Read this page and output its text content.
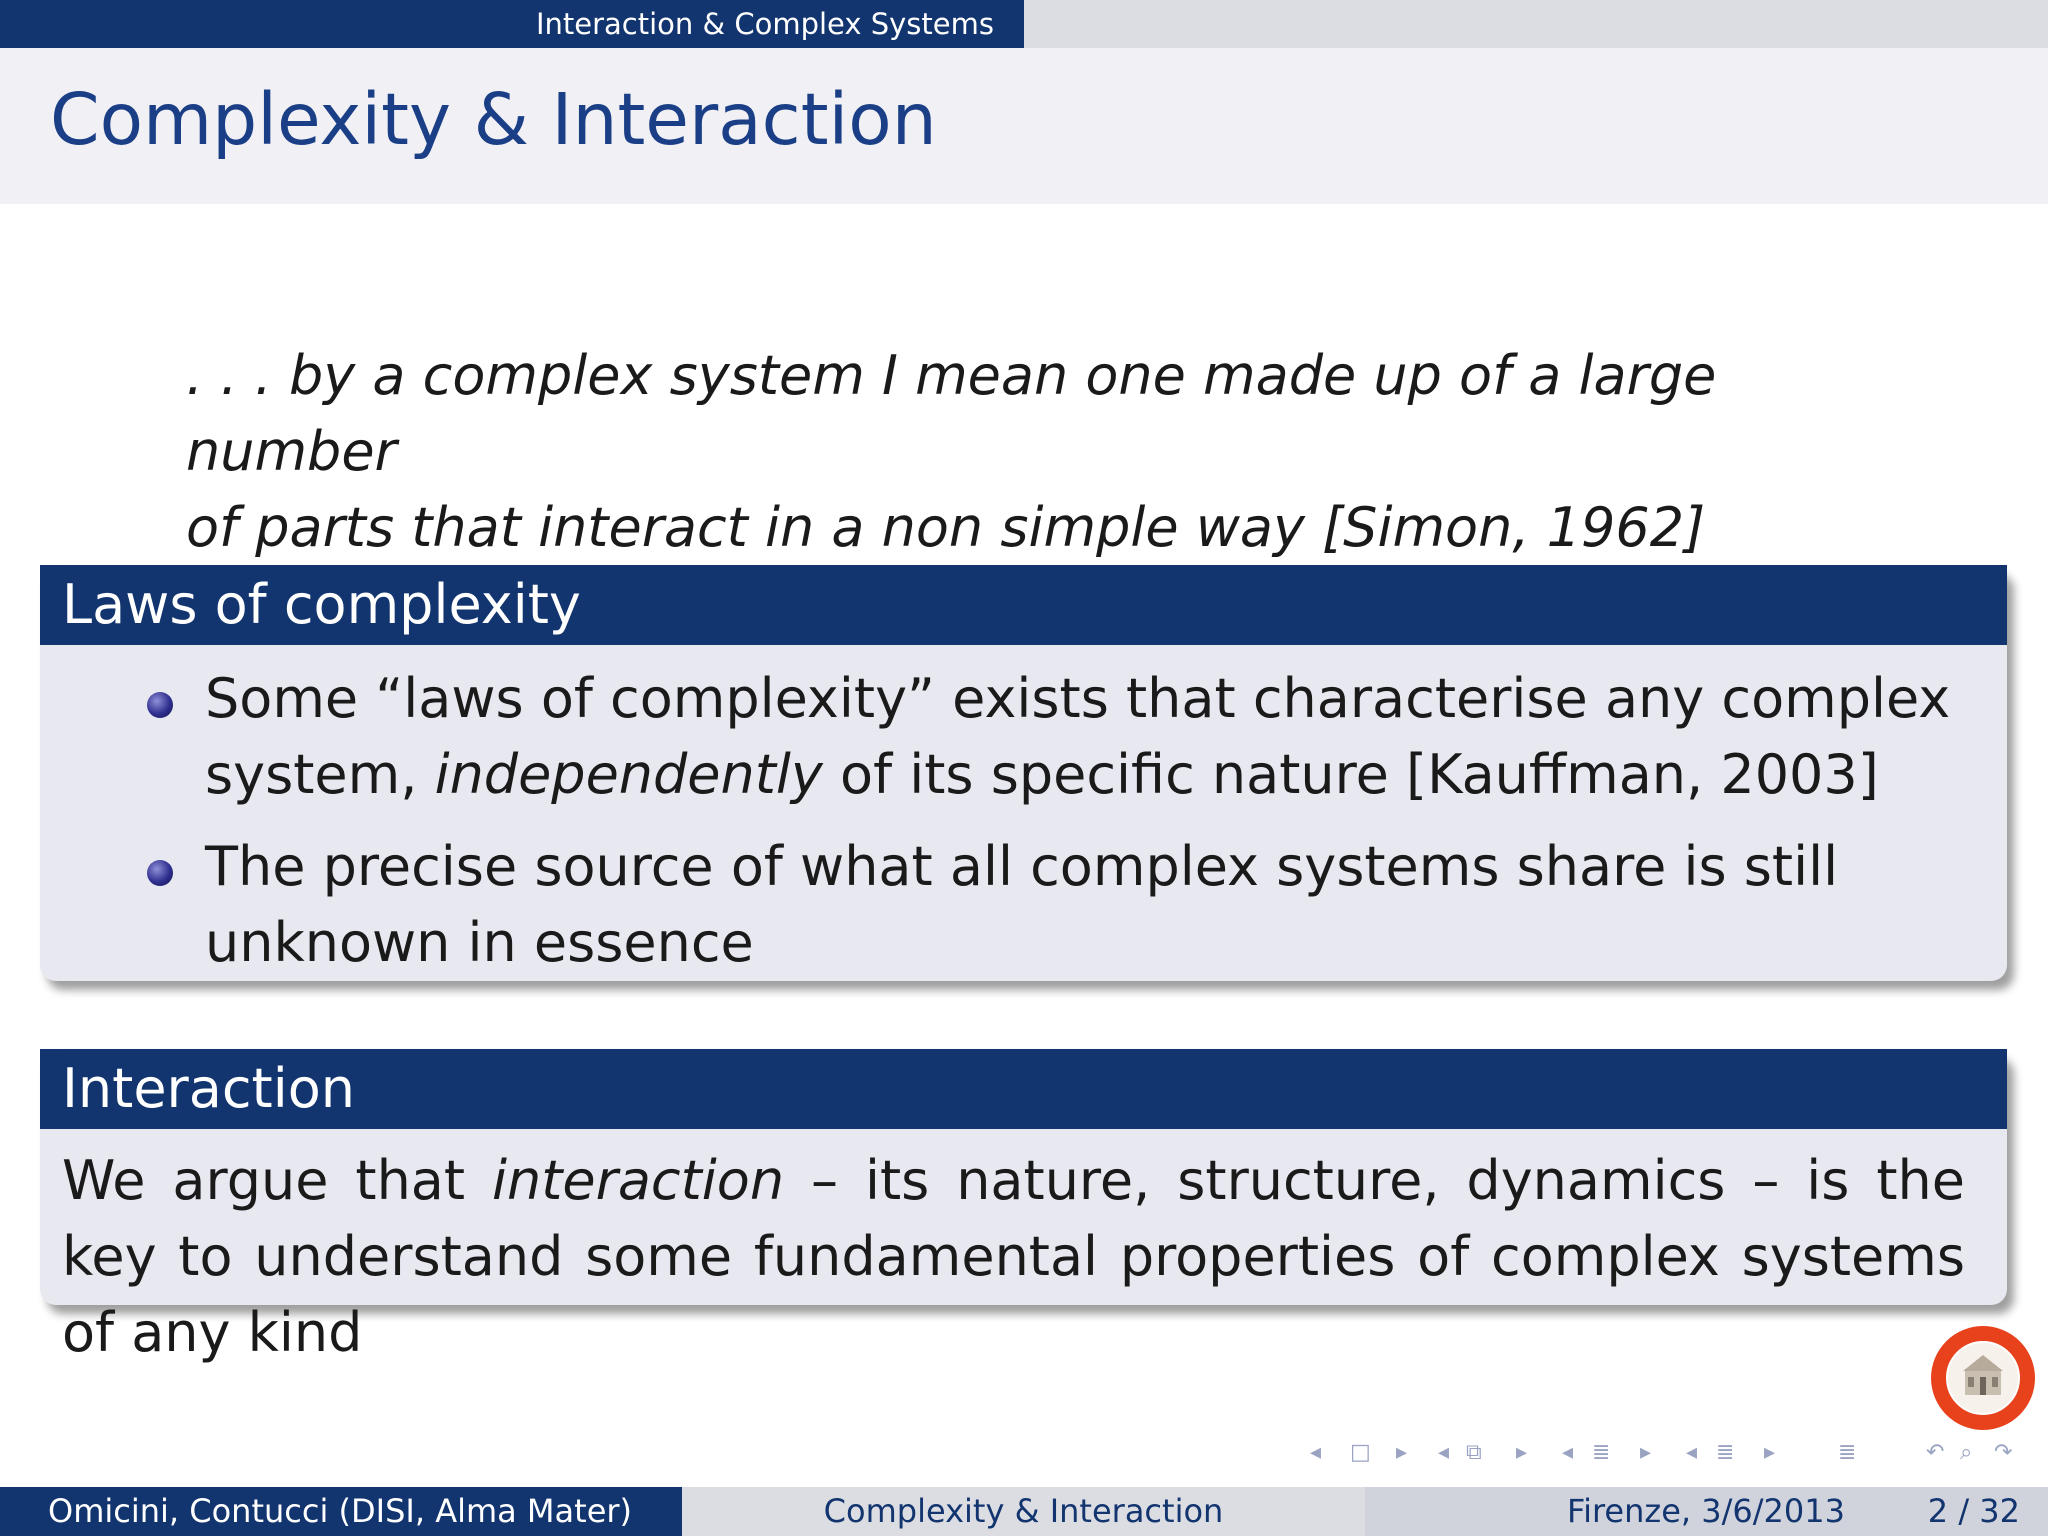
Interaction & Complex Systems
Complexity & Interaction
. . . by a complex system I mean one made up of a large number
of parts that interact in a non simple way [Simon, 1962]
Laws of complexity
Some “laws of complexity” exists that characterise any complex system, independently of its specific nature [Kauffman, 2003]
The precise source of what all complex systems share is still unknown in essence
Interaction
We argue that interaction – its nature, structure, dynamics – is the key to understand some fundamental properties of complex systems of any kind
◂ □ ▸ ◂ ⧉ ▸ ◂ ≣ ▸ ◂ ≣ ▸	≣	↶ ⌕ ↷
Omicini, Contucci (DISI, Alma Mater)	Complexity & Interaction	Firenze, 3/6/2013	2 / 32
